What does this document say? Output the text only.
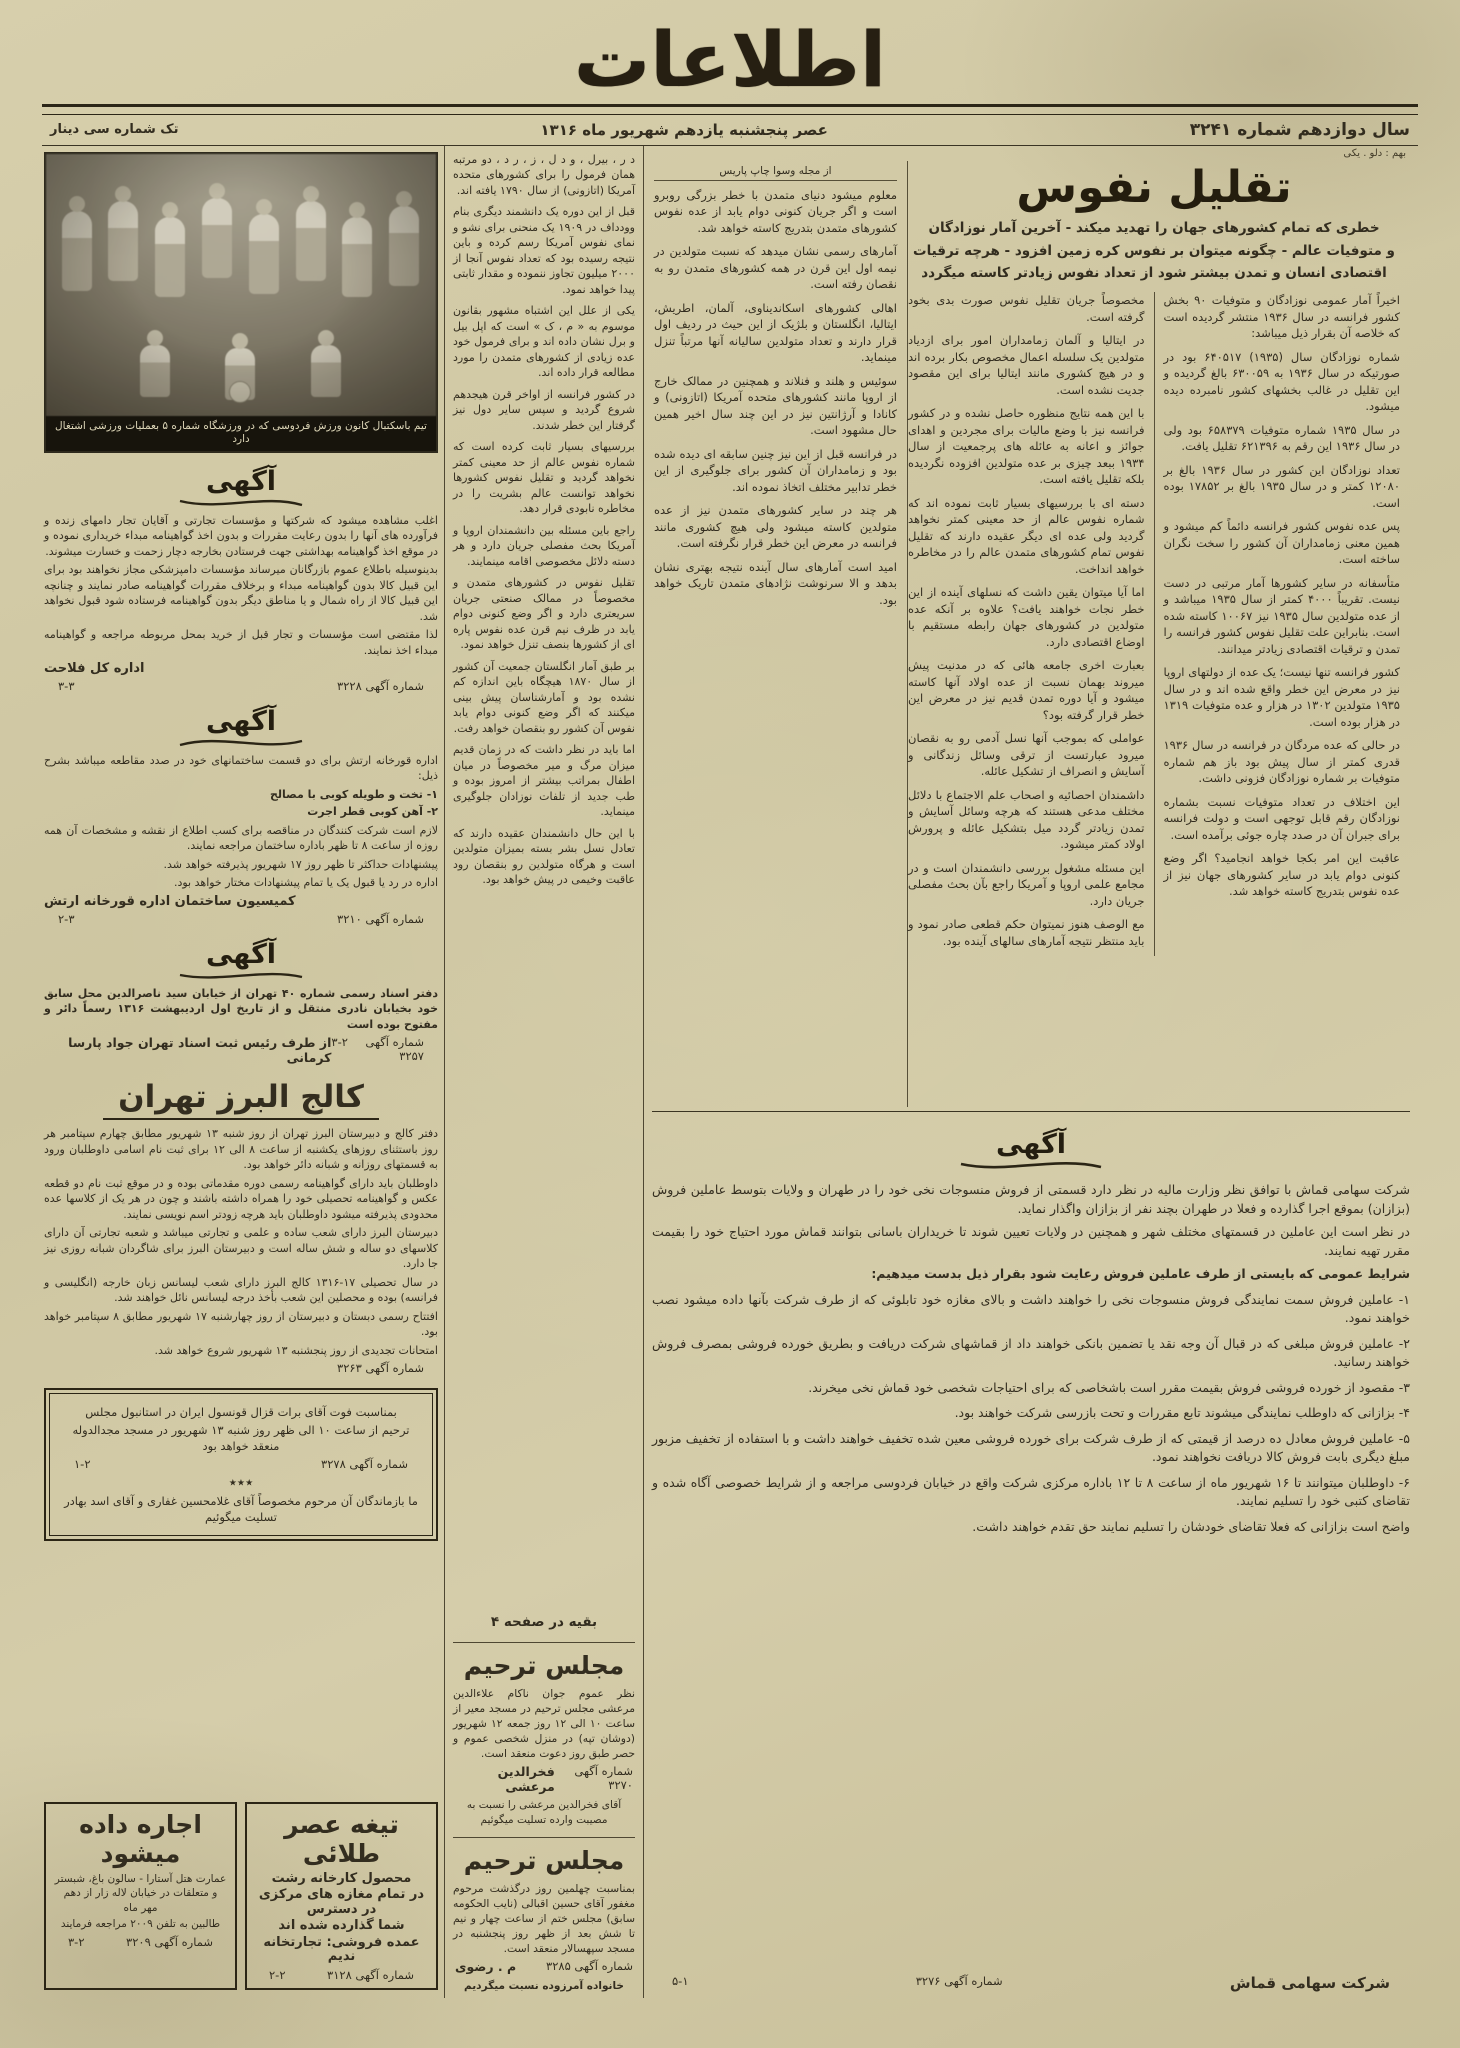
اطلاعات
سال دوازدهم شماره ۳۲۴۱
عصر پنجشنبه یازدهم شهریور ماه ۱۳۱۶
تک شماره سی دینار
تیم باسکتبال کانون ورزش فردوسی که در ورزشگاه شماره ۵ بعملیات ورزشی اشتغال دارد
آگهی

اغلب مشاهده میشود که شرکتها و مؤسسات تجارتی و آقایان تجار دامهای زنده و فرآورده های آنها را بدون رعایت مقررات و بدون اخذ گواهینامه مبداء خریداری نموده و در موقع اخذ گواهینامه بهداشتی جهت فرستادن بخارجه دچار زحمت و خسارت میشوند.

بدینوسیله باطلاع عموم بازرگانان میرساند مؤسسات دامپزشکی مجاز نخواهند بود برای این قبیل کالا بدون گواهینامه مبداء و برخلاف مقررات گواهینامه صادر نمایند و چنانچه این قبیل کالا از راه شمال و یا مناطق دیگر بدون گواهینامه فرستاده شود قبول نخواهد شد.

لذا مقتضی است مؤسسات و تجار قبل از خرید بمحل مربوطه مراجعه و گواهینامه مبداء اخذ نمایند.

اداره کل فلاحت
شماره آگهی ۳۲۲۸
۳-۳
آگهی

اداره قورخانه ارتش برای دو قسمت ساختمانهای خود در صدد مقاطعه میباشد بشرح ذیل:

۱- تخت و طویله کوبی با مصالح

۲- آهن کوبی قطر اجرت

لازم است شرکت کنندگان در مناقصه برای کسب اطلاع از نقشه و مشخصات آن همه روزه از ساعت ۸ تا ظهر باداره ساختمان مراجعه نمایند.

پیشنهادات حداکثر تا ظهر روز ۱۷ شهریور پذیرفته خواهد شد.

اداره در رد یا قبول یک یا تمام پیشنهادات مختار خواهد بود.

کمیسیون ساختمان اداره قورخانه ارتش
شماره آگهی ۳۲۱۰
۲-۳
آگهی

دفتر اسناد رسمی شماره ۴۰ تهران از خیابان سید ناصرالدین محل سابق خود بخیابان نادری منتقل و از تاریخ اول اردیبهشت ۱۳۱۶ رسماً دائر و مفتوح بوده است

شماره آگهی ۳۲۵۷
۳-۲
از طرف رئیس ثبت اسناد تهران جواد پارسا کرمانی
کالج البرز تهران

دفتر کالج و دبیرستان البرز تهران از روز شنبه ۱۳ شهریور مطابق چهارم سپتامبر هر روز باستثنای روزهای یکشنبه از ساعت ۸ الی ۱۲ برای ثبت نام اسامی داوطلبان ورود به قسمتهای روزانه و شبانه دائر خواهد بود.

داوطلبان باید دارای گواهینامه رسمی دوره مقدماتی بوده و در موقع ثبت نام دو قطعه عکس و گواهینامه تحصیلی خود را همراه داشته باشند و چون در هر یک از کلاسها عده محدودی پذیرفته میشود داوطلبان باید هرچه زودتر اسم نویسی نمایند.

دبیرستان البرز دارای شعب ساده و علمی و تجارتی میباشد و شعبه تجارتی آن دارای کلاسهای دو ساله و شش ساله است و دبیرستان البرز برای شاگردان شبانه روزی نیز جا دارد.

در سال تحصیلی ۱۷-۱۳۱۶ کالج البرز دارای شعب لیسانس زبان خارجه (انگلیسی و فرانسه) بوده و محصلین این شعب بأخذ درجه لیسانس نائل خواهند شد.

افتتاح رسمی دبستان و دبیرستان از روز چهارشنبه ۱۷ شهریور مطابق ۸ سپتامبر خواهد بود.

امتحانات تجدیدی از روز پنجشنبه ۱۳ شهریور شروع خواهد شد.

شماره آگهی ۳۲۶۳

بمناسبت فوت آقای برات قزال قونسول ایران در استانبول مجلس

ترحیم از ساعت ۱۰ الی ظهر روز شنبه ۱۳ شهریور در مسجد مجدالدوله منعقد خواهد بود

شماره آگهی ۳۲۷۸
۱-۲

٭٭٭

ما بازماندگان آن مرحوم مخصوصاً آقای غلامحسین غفاری و آقای اسد بهادر تسلیت میگوئیم

اجاره داده میشود

عمارت هتل آستارا - سالون باغ، شبستر و متعلقات در خیابان لاله زار از دهم مهر ماه

طالبین به تلفن ۲۰۰۹ مراجعه فرمایند

شماره آگهی ۳۲۰۹
۳-۲
تیغه عصر طلائی

محصول کارخانه رشت

در تمام مغازه های مرکزی در دسترس

شما گذارده شده اند

عمده فروشی: تجارتخانه ندیم

شماره آگهی ۳۱۲۸
۲-۲

د ر ، بیرل ، و د ل ، ز ، ر د ، دو مرتبه همان فرمول را برای کشورهای متحده آمریکا (اتازونی) از سال ۱۷۹۰ یافته اند.

قبل از این دوره یک دانشمند دیگری بنام وودداف در ۱۹۰۹ یک منحنی برای نشو و نمای نفوس آمریکا رسم کرده و باین نتیجه رسیده بود که تعداد نفوس آنجا از ۲۰۰۰ میلیون تجاوز ننموده و مقدار ثابتی پیدا خواهد نمود.

یکی از علل این اشتباه مشهور بقانون موسوم به « م ، ک » است که اپل بیل و برل نشان داده اند و برای فرمول خود عده زیادی از کشورهای متمدن را مورد مطالعه قرار داده اند.

در کشور فرانسه از اواخر قرن هیجدهم شروع گردید و سپس سایر دول نیز گرفتار این خطر شدند.

بررسیهای بسیار ثابت کرده است که شماره نفوس عالم از حد معینی کمتر نخواهد گردید و تقلیل نفوس کشورها نخواهد توانست عالم بشریت را در مخاطره نابودی قرار دهد.

راجع باین مسئله بین دانشمندان اروپا و آمریکا بحث مفصلی جریان دارد و هر دسته دلائل مخصوصی اقامه مینمایند.

تقلیل نفوس در کشورهای متمدن و مخصوصاً در ممالک صنعتی جریان سریعتری دارد و اگر وضع کنونی دوام یابد در ظرف نیم قرن عده نفوس پاره ای از کشورها بنصف تنزل خواهد نمود.

بر طبق آمار انگلستان جمعیت آن کشور از سال ۱۸۷۰ هیچگاه باین اندازه کم نشده بود و آمارشناسان پیش بینی میکنند که اگر وضع کنونی دوام یابد نفوس آن کشور رو بنقصان خواهد رفت.

اما باید در نظر داشت که در زمان قدیم میزان مرگ و میر مخصوصاً در میان اطفال بمراتب بیشتر از امروز بوده و طب جدید از تلفات نوزادان جلوگیری مینماید.

با این حال دانشمندان عقیده دارند که تعادل نسل بشر بسته بمیزان متولدین است و هرگاه متولدین رو بنقصان رود عاقبت وخیمی در پیش خواهد بود.

بقیه در صفحه ۴
مجلس ترحیم

نظر عموم جوان ناکام علاءالدین مرعشی مجلس ترحیم در مسجد معیر از ساعت ۱۰ الی ۱۲ روز جمعه ۱۲ شهریور (دوشان تپه) در منزل شخصی عموم و حصر طبق روز دعوت منعقد است.

شماره آگهی ۳۲۷۰
فخرالدین مرعشی

آقای فخرالدین مرعشی را نسبت به مصیبت وارده تسلیت میگوئیم

مجلس ترحیم

بمناسبت چهلمین روز درگذشت مرحوم مغفور آقای حسین اقبالی (نایب الحکومه سابق) مجلس ختم از ساعت چهار و نیم تا شش بعد از ظهر روز پنجشنبه در مسجد سپهسالار منعقد است.

شماره آگهی ۳۲۸۵
م . رضوی
خانواده آمرزوده نسبت میگردیم
بهم : دلو . یکی
از مجله وسوا چاپ پاریس

معلوم میشود دنیای متمدن با خطر بزرگی روبرو است و اگر جریان کنونی دوام یابد از عده نفوس کشورهای متمدن بتدریج کاسته خواهد شد.

آمارهای رسمی نشان میدهد که نسبت متولدین در نیمه اول این قرن در همه کشورهای متمدن رو به نقصان رفته است.

اهالی کشورهای اسکاندیناوی، آلمان، اطریش، ایتالیا، انگلستان و بلژیک از این حیث در ردیف اول قرار دارند و تعداد متولدین سالیانه آنها مرتباً تنزل مینماید.

سوئیس و هلند و فنلاند و همچنین در ممالک خارج از اروپا مانند کشورهای متحده آمریکا (اتازونی) و کانادا و آرژانتین نیز در این چند سال اخیر همین حال مشهود است.

در فرانسه قبل از این نیز چنین سابقه ای دیده شده بود و زمامداران آن کشور برای جلوگیری از این خطر تدابیر مختلف اتخاذ نموده اند.

هر چند در سایر کشورهای متمدن نیز از عده متولدین کاسته میشود ولی هیچ کشوری مانند فرانسه در معرض این خطر قرار نگرفته است.

امید است آمارهای سال آینده نتیجه بهتری نشان بدهد و الا سرنوشت نژادهای متمدن تاریک خواهد بود.

تقلیل نفوس
خطری که تمام کشورهای جهان را تهدید میکند - آخرین آمار نوزادگان
و متوفیات عالم - چگونه میتوان بر نفوس کره زمین افزود - هرچه ترقیات
اقتصادی انسان و تمدن بیشتر شود از تعداد نفوس زیادتر کاسته میگردد

اخیراً آمار عمومی نوزادگان و متوفیات ۹۰ بخش کشور فرانسه در سال ۱۹۳۶ منتشر گردیده است که خلاصه آن بقرار ذیل میباشد:

شماره نوزادگان سال (۱۹۳۵) ۶۴۰۵۱۷ بود در صورتیکه در سال ۱۹۳۶ به ۶۳۰۰۵۹ بالغ گردیده و این تقلیل در غالب بخشهای کشور نامبرده دیده میشود.

در سال ۱۹۳۵ شماره متوفیات ۶۵۸۳۷۹ بود ولی در سال ۱۹۳۶ این رقم به ۶۲۱۳۹۶ تقلیل یافت.

تعداد نوزادگان این کشور در سال ۱۹۳۶ بالغ بر ۱۲۰۸۰ کمتر و در سال ۱۹۳۵ بالغ بر ۱۷۸۵۲ بوده است.

پس عده نفوس کشور فرانسه دائماً کم میشود و همین معنی زمامداران آن کشور را سخت نگران ساخته است.

متأسفانه در سایر کشورها آمار مرتبی در دست نیست. تقریباً ۴۰۰۰ کمتر از سال ۱۹۳۵ میباشد و از عده متولدین سال ۱۹۳۵ نیز ۱۰۰۶۷ کاسته شده است. بنابراین علت تقلیل نفوس کشور فرانسه را تمدن و ترقیات اقتصادی زیادتر میدانند.

کشور فرانسه تنها نیست؛ یک عده از دولتهای اروپا نیز در معرض این خطر واقع شده اند و در سال ۱۹۳۵ متولدین ۱۳۰۲ در هزار و عده متوفیات ۱۳۱۹ در هزار بوده است.

در حالی که عده مردگان در فرانسه در سال ۱۹۳۶ قدری کمتر از سال پیش بود باز هم شماره متوفیات بر شماره نوزادگان فزونی داشت.

این اختلاف در تعداد متوفیات نسبت بشماره نوزادگان رقم قابل توجهی است و دولت فرانسه برای جبران آن در صدد چاره جوئی برآمده است.

عاقبت این امر بکجا خواهد انجامید؟ اگر وضع کنونی دوام یابد در سایر کشورهای جهان نیز از عده نفوس بتدریج کاسته خواهد شد.

مخصوصاً جریان تقلیل نفوس صورت بدی بخود گرفته است.

در ایتالیا و آلمان زمامداران امور برای ازدیاد متولدین یک سلسله اعمال مخصوص بکار برده اند و در هیچ کشوری مانند ایتالیا برای این مقصود جدیت نشده است.

با این همه نتایج منظوره حاصل نشده و در کشور فرانسه نیز با وضع مالیات برای مجردین و اهدای جوائز و اعانه به عائله های پرجمعیت از سال ۱۹۳۴ ببعد چیزی بر عده متولدین افزوده نگردیده بلکه تقلیل یافته است.

دسته ای با بررسیهای بسیار ثابت نموده اند که شماره نفوس عالم از حد معینی کمتر نخواهد گردید ولی عده ای دیگر عقیده دارند که تقلیل نفوس تمام کشورهای متمدن عالم را در مخاطره خواهد انداخت.

اما آیا میتوان یقین داشت که نسلهای آینده از این خطر نجات خواهند یافت؟ علاوه بر آنکه عده متولدین در کشورهای جهان رابطه مستقیم با اوضاع اقتصادی دارد.

بعبارت اخری جامعه هائی که در مدنیت پیش میروند بهمان نسبت از عده اولاد آنها کاسته میشود و آیا دوره تمدن قدیم نیز در معرض این خطر قرار گرفته بود؟

عواملی که بموجب آنها نسل آدمی رو به نقصان میرود عبارتست از ترقی وسائل زندگانی و آسایش و انصراف از تشکیل عائله.

داشمندان احصائیه و اصحاب علم الاجتماع با دلائل مختلف مدعی هستند که هرچه وسائل آسایش و تمدن زیادتر گردد میل بتشکیل عائله و پرورش اولاد کمتر میشود.

این مسئله مشغول بررسی دانشمندان است و در مجامع علمی اروپا و آمریکا راجع بآن بحث مفصلی جریان دارد.

مع الوصف هنوز نمیتوان حکم قطعی صادر نمود و باید منتظر نتیجه آمارهای سالهای آینده بود.

آگهی

شرکت سهامی قماش با توافق نظر وزارت مالیه در نظر دارد قسمتی از فروش منسوجات نخی خود را در طهران و ولایات بتوسط عاملین فروش (بزازان) بموقع اجرا گذارده و فعلا در طهران بچند نفر از بزازان واگذار نماید.

در نظر است این عاملین در قسمتهای مختلف شهر و همچنین در ولایات تعیین شوند تا خریداران باسانی بتوانند قماش مورد احتیاج خود را بقیمت مقرر تهیه نمایند.

شرایط عمومی که بایستی از طرف عاملین فروش رعایت شود بقرار ذیل بدست میدهیم:

۱- عاملین فروش سمت نمایندگی فروش منسوجات نخی را خواهند داشت و بالای مغازه خود تابلوئی که از طرف شرکت بآنها داده میشود نصب خواهند نمود.

۲- عاملین فروش مبلغی که در قبال آن وجه نقد یا تضمین بانکی خواهند داد از قماشهای شرکت دریافت و بطریق خورده فروشی بمصرف فروش خواهند رسانید.

۳- مقصود از خورده فروشی فروش بقیمت مقرر است باشخاصی که برای احتیاجات شخصی خود قماش نخی میخرند.

۴- بزازانی که داوطلب نمایندگی میشوند تابع مقررات و تحت بازرسی شرکت خواهند بود.

۵- عاملین فروش معادل ده درصد از قیمتی که از طرف شرکت برای خورده فروشی معین شده تخفیف خواهند داشت و با استفاده از تخفیف مزبور مبلغ دیگری بابت فروش کالا دریافت نخواهند نمود.

۶- داوطلبان میتوانند تا ۱۶ شهریور ماه از ساعت ۸ تا ۱۲ باداره مرکزی شرکت واقع در خیابان فردوسی مراجعه و از شرایط خصوصی آگاه شده و تقاضای کتبی خود را تسلیم نمایند.

واضح است بزازانی که فعلا تقاضای خودشان را تسلیم نمایند حق تقدم خواهند داشت.

شرکت سهامی قماش
شماره آگهی ۳۲۷۶
۵-۱
